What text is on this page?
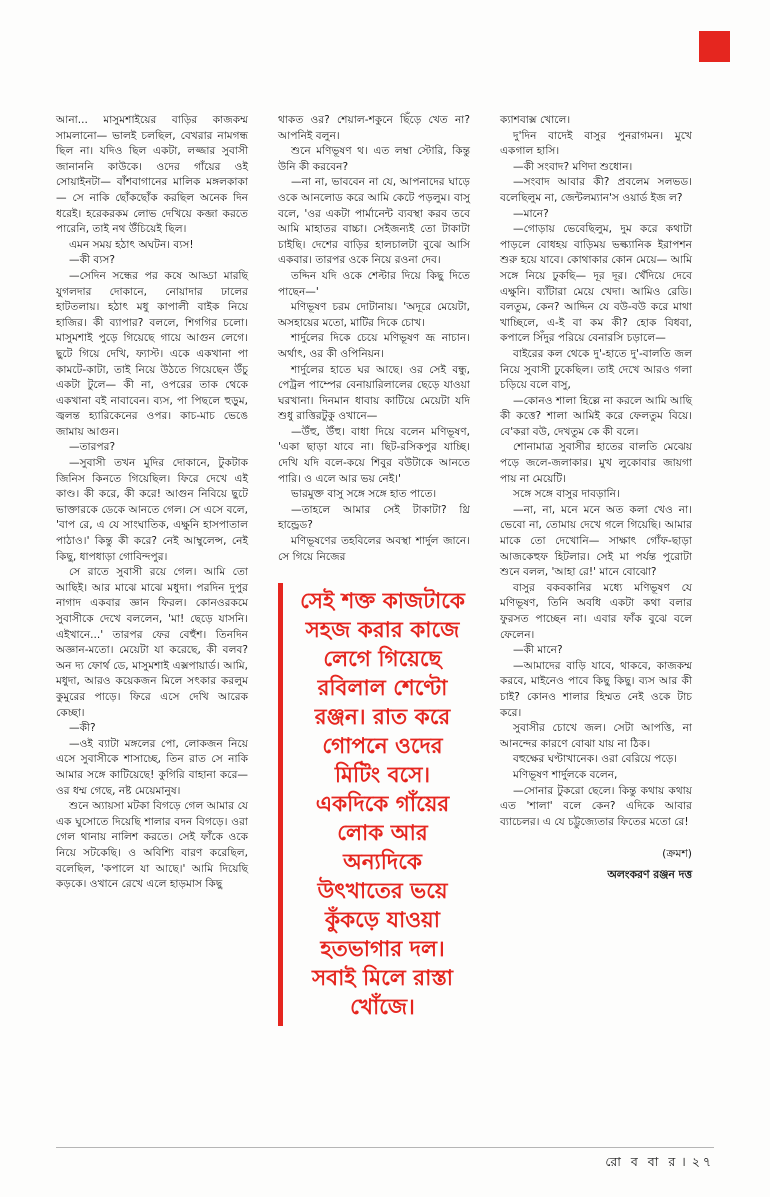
আনা... মাসুমশাইয়ের বাড়ির কাজকম্ম সামলানো— ভালই চলছিল, বেখরার নামগন্ধ ছিল না। যদিও ছিল একটা, লজ্জার সুবাসী জানাননি কাউকে। ওদের গাঁয়ের ওই সোয়াইনটা— বাঁশবাগানের মালিক মঙ্গলকাকা— সে নাকি ছোঁকছোঁক করছিল অনেক দিন ধরেই। হরেকরকম লোভ দেখিয়ে কব্জা করতে পারেনি, তাই নথ উঁচিয়েই ছিল।

এমন সময় হঠাৎ অঘটন। ব্যস!

—কী ব্যস?

—সেদিন সন্ধের পর কষে আড্ডা মারছি যুগলদার দোকানে, নোয়াদার ঢালের হাটতলায়। হঠাৎ মধু কাপালী বাইক নিয়ে হাজির। কী ব্যাপার? বললে, শিগগির চলো। মাসুমশাই পুড়ে গিয়েছে গায়ে আগুন লেগে। ছুটে গিয়ে দেখি, ফ্যাস্ট। একে একখানা পা কামটে-কাটা, তাই নিয়ে উঠতে গিয়েছেন উঁচু একটা টুলে— কী না, ওপরের তাক থেকে একখানা বই নাবাবেন। ব্যস, পা পিছলে হুড়ুম, জ্বলন্ত হ্যারিকেনের ওপর। কাচ-মাচ ভেঙে জামায় আগুন।

—তারপর?

—সুবাসী তখন মুদির দোকানে, টুকটাক জিনিস কিনতে গিয়েছিল। ফিরে দেখে এই কাণ্ড। কী করে, কী করে! আগুন নিবিয়ে ছুটে ভাক্তারকে ডেকে আনতে গেল। সে এসে বলে, 'বাপ রে, এ যে সাংঘাতিক, এক্ষুনি হাসপাতাল পাঠাও।' কিন্তু কী করে? নেই আম্বুলেন্স, নেই কিছু, ধাপধাড়া গোবিন্দপুর।

সে রাতে সুবাসী রয়ে গেল। আমি তো আছিই। আর মাঝে মাঝে মধুদা। পরদিন দুপুর নাগাদ একবার জ্ঞান ফিরল। কোনওরকমে সুবাসীকে দেখে বললেন, 'মা! ছেড়ে যাসনি। এইখানে...' তারপর ফের বেহুঁশ। তিনদিন অজ্ঞান-মতো। মেয়েটা যা করেছে, কী বলব? অন দ্য ফোর্থ ডে, মাসুমশাই এক্সপায়ার্ড। আমি, মধুদা, আরও কয়েকজন মিলে সৎকার করলুম কুমুরের পাড়ে। ফিরে এসে দেখি আরেক কেচ্ছা।

—কী?

—ওই ব্যাটা মঙ্গলের পো, লোকজন নিয়ে এসে সুবাসীকে শাসাচ্ছে, তিন রাত সে নাকি আমার সঙ্গে কাটিয়েছে! কুগিরি বাহানা করে— ওর ধম্ম গেছে, নষ্ট মেয়েমানুষ।

শুনে অ্যায়সা মটকা বিগড়ে গেল আমার যে এক ঘুসোতে দিয়েছি শালার বদন বিগড়ে। ওরা গেল থানায় নালিশ করতে। সেই ফাঁকে ওকে নিয়ে সটকেছি। ও অবিশ্যি বারণ করেছিল, বলেছিল, 'কপালে যা আছে।' আমি দিয়েছি কড়কে। ওখানে রেখে এলে হাড়মাস কিছু

থাকত ওর? শেয়াল-শকুনে ছিঁড়ে খেত না? আপনিই বলুন।

শুনে মণিভূষণ থ। এত লম্বা স্টোরি, কিন্তু উনি কী করবেন?

—না না, ভাববেন না যে, আপনাদের ঘাড়ে ওকে আনলোড করে আমি কেটে পড়লুম। বাসু বলে, 'ওর একটা পার্মানেন্ট ব্যবস্থা করব তবে আমি মাহাতর বাচ্চা। সেইজন্যই তো টাকাটা চাইছি। দেশের বাড়ির হালচালটা বুঝে আসি একবার। তারপর ওকে নিয়ে রওনা দেব।

তদ্দিন যদি ওকে শেল্টার দিয়ে কিছু দিতে পাছেন—'

মণিভূষণ চরম দোটানায়। 'অদূরে মেয়েটা, অসহায়ের মতো, মাটির দিকে চোখ।

শার্দুলের দিকে চেয়ে মণিভূষণ ভ্রূ নাচান। অর্থাৎ, ওর কী ওপিনিয়ন।

শার্দুলের হাতে ঘর আছে। ওর সেই বন্ধু, পেট্রল পাম্পের বেনায়ারিলালের ছেড়ে যাওয়া ঘরখানা। দিনমান ধাবায় কাটিয়ে মেয়েটা যদি শুধু রাত্তিরটুকু ওখানে—

—উঁহু, উঁহু। বাধা দিয়ে বলেন মণিভূষণ, 'একা ছাড়া যাবে না। ছিট-রসিকপুর যাচ্ছি। দেখি যদি বলে-কয়ে শিবুর বউটাকে আনতে পারি। ও এলে আর ভয় নেই।'

ভারমুক্ত বাসু সঙ্গে সঙ্গে হাত পাতে।

—তাহলে আমার সেই টাকাটা? থ্রি হান্ড্রেড?

মণিভূষণের তহবিলের অবস্থা শার্দুল জানে। সে গিয়ে নিজের

সেই শক্ত কাজটাকে সহজ করার কাজে লেগে গিয়েছে রবিলাল শেণ্টো রঞ্জন। রাত করে গোপনে ওদের মিটিং বসে। একদিকে গাঁয়ের লোক আর অন্যদিকে উৎখাতের ভয়ে কুঁকড়ে যাওয়া হতভাগার দল। সবাই মিলে রাস্তা খোঁজে।

ক্যাশবাক্স খোলে।

দু'দিন বাদেই বাসুর পুনরাগমন। মুখে একগাল হাসি।

—কী সংবাদ? মণিদা শুধোন।

—সংবাদ আবার কী? প্রবলেম সলভড। বলেছিলুম না, জেন্টলম্যান'স ওয়ার্ড ইজ ল?

—মানে?

—গোড়ায় ভেবেছিলুম, দুম করে কথাটা পাড়লে বোধহয় বাড়িময় ভল্ক্যানিক ইরাপশন শুরু হয়ে যাবে। কোথাকার কোন মেয়ে— আমি সঙ্গে নিয়ে ঢুকছি— দূর দূর। খেঁদিয়ে দেবে এক্ষুনি। ব্যাঁটারা মেয়ে খেদা। আমিও রেডি। বলতুম, কেন? আদ্দিন যে বউ-বউ করে মাথা খাচ্ছিলে, এ-ই বা কম কী? হোক বিধবা, কপালে সিঁদুর পরিয়ে বেনারসি চড়ালে—

বাইরের কল থেকে দু'-হাতে দু'-বালতি জল নিয়ে সুবাসী ঢুকেছিল। তাই দেখে আরও গলা চড়িয়ে বলে বাসু,

—কোনও শালা হিল্লে না করলে আমি আছি কী কত্তে? শালা আমিই করে ফেলতুম বিয়ে। বে'করা বউ, দেখতুম কে কী বলে।

শোনামাত্র সুবাসীর হাতের বালতি মেঝেয় পড়ে জলে-জলাকার। মুখ লুকোবার জায়গা পায় না মেয়েটি।

সঙ্গে সঙ্গে বাসুর দাবড়ানি।

—না, না, মনে মনে অত কলা খেও না। ভেবো না, তোমায় দেখে গলে গিয়েছি। আমার মাকে তো দেখোনি— সাক্ষাৎ গোঁফ-ছাড়া আজকেহুফ হিটলার। সেই মা পর্যন্ত পুরোটা শুনে বলল, 'আহা রে!' মানে বোঝো?

বাসুর বকবকানির মধ্যে মণিভূষণ যে মণিভূষণ, তিনি অবধি একটা কথা বলার ফুরসত পাচ্ছেন না। এবার ফাঁক বুঝে বলে ফেলেন।

—কী মানে?

—আমাদের বাড়ি যাবে, থাকবে, কাজকম্ম করবে, মাইনেও পাবে কিছু কিছু। ব্যস আর কী চাই? কোনও শালার হিম্মত নেই ওকে টাচ করে।

সুবাসীর চোখে জল। সেটা আপত্তি, না আনন্দের কারণে বোঝা যায় না ঠিক।

বহুক্ষের ঘণ্টাখানেক। ওরা বেরিয়ে পড়ে।

মণিভূষণ শার্দুলকে বলেন,

—সোনার টুকরো ছেলে। কিন্তু কথায় কথায় এত 'শালা' বলে কেন? এদিকে আবার ব্যাচেলর। এ যে চট্টুজ্যেতার ফিতের মতো রে!

(ক্রমশ)
অলংকরণ রঞ্জন দত্ত
রো ব বা র । ২৭
